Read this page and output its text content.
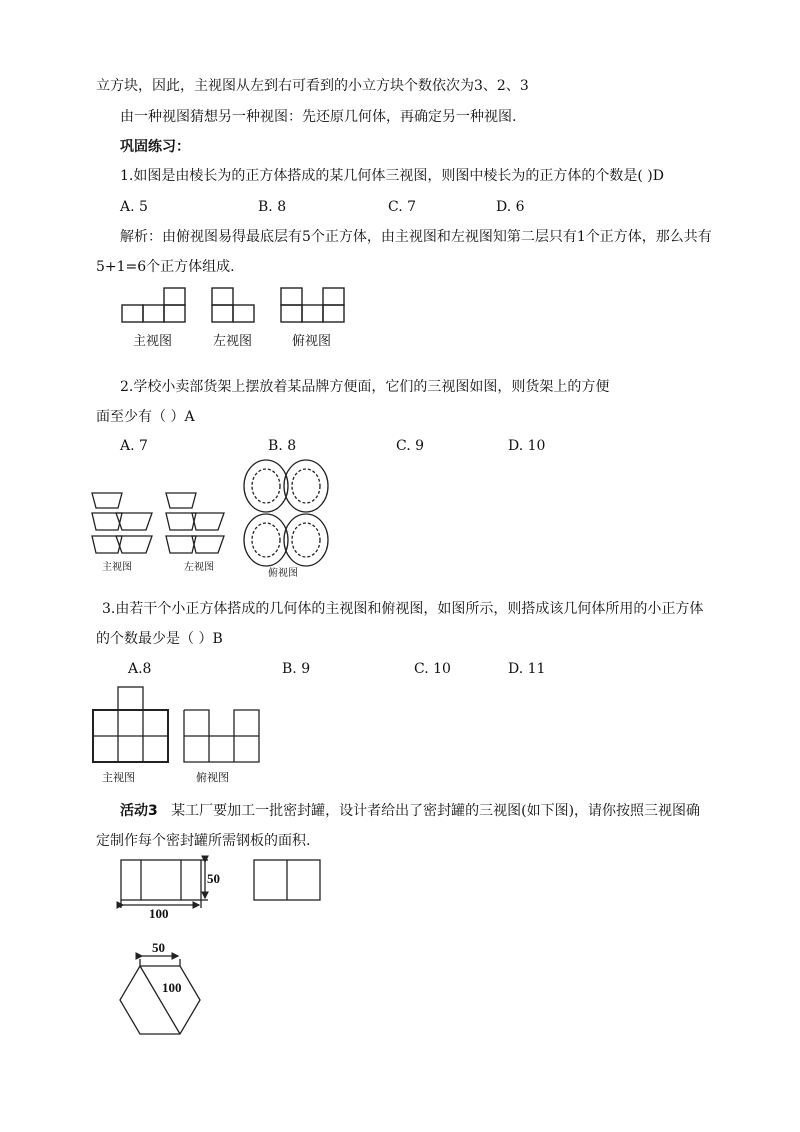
立方块，因此，主视图从左到右可看到的小立方块个数依次为3、2、3
由一种视图猜想另一种视图：先还原几何体，再确定另一种视图.
巩固练习：
1.如图是由棱长为的正方体搭成的某几何体三视图，则图中棱长为的正方体的个数是( )D
A. 5	B. 8	C. 7	D. 6
解析：由俯视图易得最底层有5个正方体，由主视图和左视图知第二层只有1个正方体，那么共有
5+1=6个正方体组成.
主视图	左视图	俯视图
2.学校小卖部货架上摆放着某品牌方便面，它们的三视图如图，则货架上的方便
面至少有（ ）A
A. 7	B. 8	C. 9	D. 10
主视图	左视图
俯视图
3.由若干个小正方体搭成的几何体的主视图和俯视图，如图所示，则搭成该几何体所用的小正方体
的个数最少是（ ）B
A.8	B. 9	C. 10	D. 11
主视图	俯视图
活动3 某工厂要加工一批密封罐，设计者给出了密封罐的三视图(如下图)，请你按照三视图确
定制作每个密封罐所需钢板的面积.
50
100
50
100
